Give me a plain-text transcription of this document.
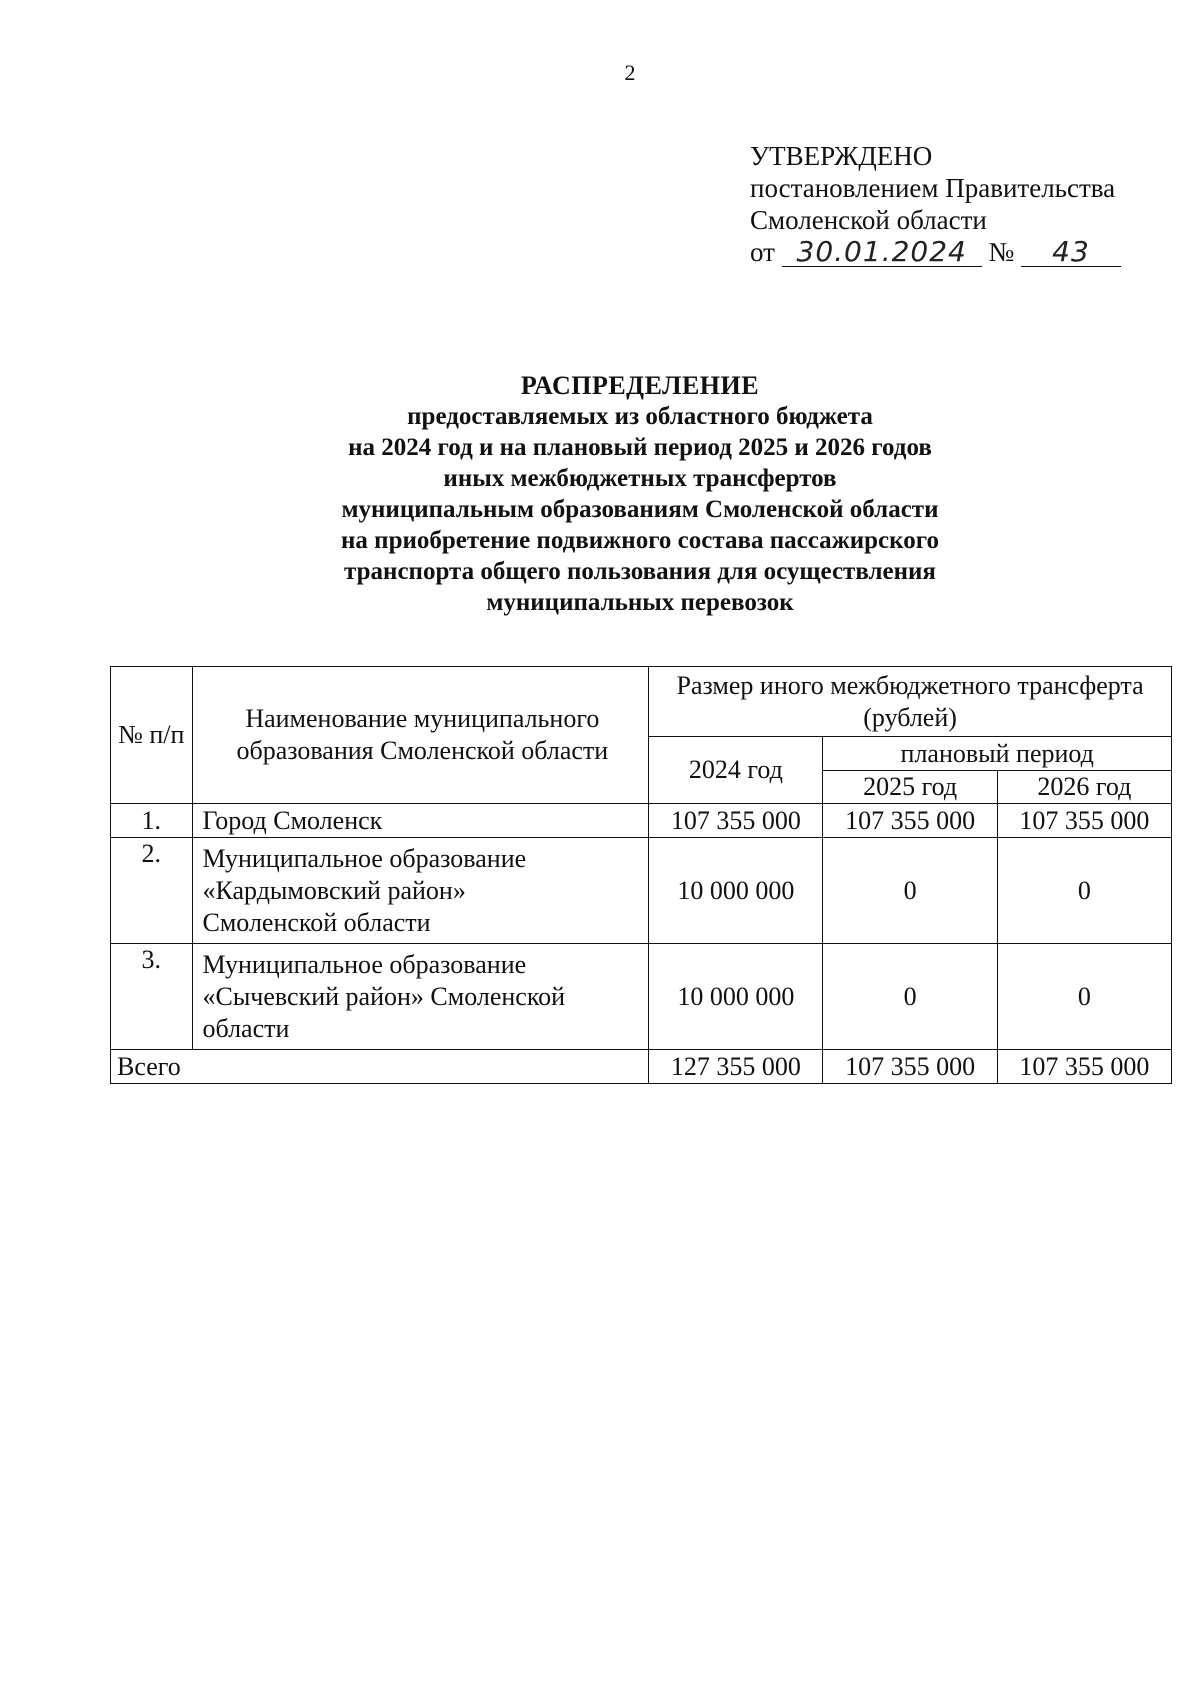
2
УТВЕРЖДЕНО
постановлением Правительства
Смоленской области
от 30.01.2024 № 43
РАСПРЕДЕЛЕНИЕ
предоставляемых из областного бюджета
на 2024 год и на плановый период 2025 и 2026 годов
иных межбюджетных трансфертов
муниципальным образованиям Смоленской области
на приобретение подвижного состава пассажирского
транспорта общего пользования для осуществления
муниципальных перевозок
№ п/п	Наименование муниципального образования Смоленской области	Размер иного межбюджетного трансферта (рублей)		
		2024 год	плановый период	
			2025 год	2026 год
1.	Город Смоленск	107 355 000	107 355 000	107 355 000
2.	Муниципальное образование
«Кардымовский район»
Смоленской области	10 000 000	0	0
3.	Муниципальное образование
«Сычевский район» Смоленской
области	10 000 000	0	0
Всего		127 355 000	107 355 000	107 355 000
